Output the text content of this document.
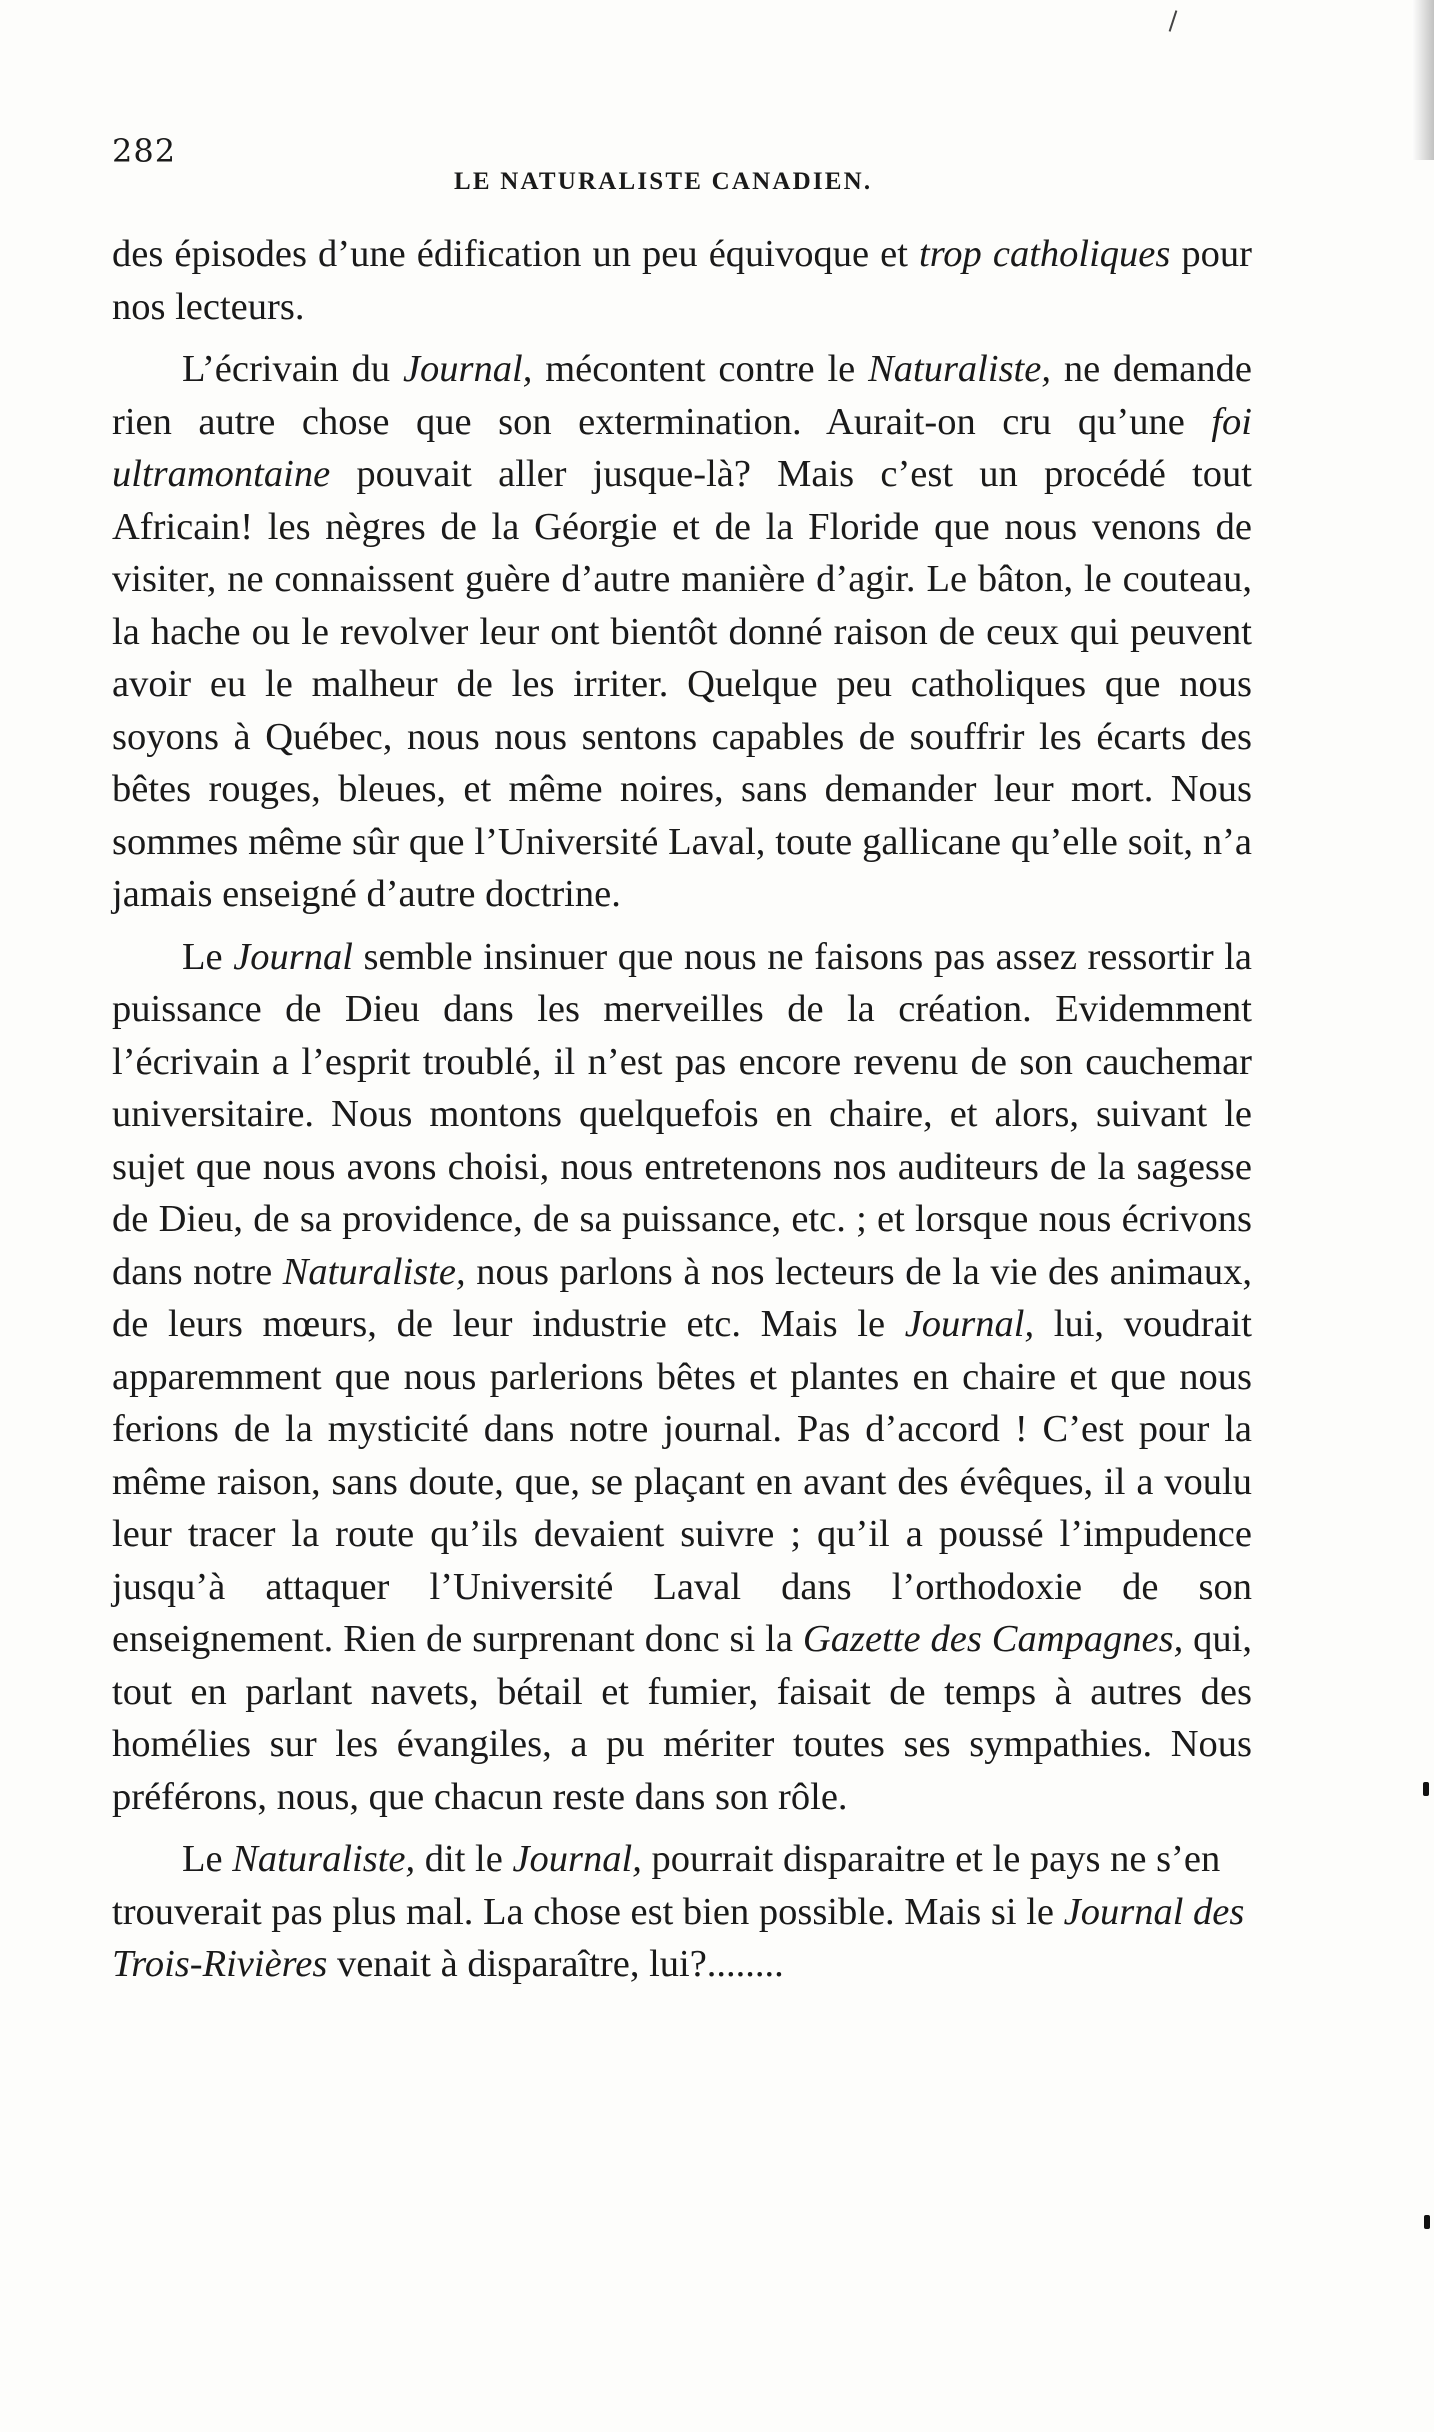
282
LE NATURALISTE CANADIEN.

des épisodes d’une édification un peu équivoque et trop catholiques pour nos lecteurs.

L’écrivain du Journal, mécontent contre le Naturaliste, ne demande rien autre chose que son extermination. Aurait-on cru qu’une foi ultramontaine pouvait aller jusque-là? Mais c’est un procédé tout Africain! les nègres de la Géorgie et de la Floride que nous venons de visiter, ne connaissent guère d’autre manière d’agir. Le bâton, le couteau, la hache ou le revolver leur ont bientôt donné raison de ceux qui peuvent avoir eu le malheur de les irriter. Quelque peu catholiques que nous soyons à Québec, nous nous sentons capables de souffrir les écarts des bêtes rouges, bleues, et même noires, sans demander leur mort. Nous sommes même sûr que l’Université Laval, toute gallicane qu’elle soit, n’a jamais enseigné d’autre doctrine.

Le Journal semble insinuer que nous ne faisons pas assez ressortir la puissance de Dieu dans les merveilles de la création. Evidemment l’écrivain a l’esprit troublé, il n’est pas encore revenu de son cauchemar universitaire. Nous montons quelquefois en chaire, et alors, suivant le sujet que nous avons choisi, nous entretenons nos auditeurs de la sagesse de Dieu, de sa providence, de sa puissance, etc. ; et lorsque nous écrivons dans notre Naturaliste, nous parlons à nos lecteurs de la vie des animaux, de leurs mœurs, de leur industrie etc. Mais le Journal, lui, voudrait apparemment que nous parlerions bêtes et plantes en chaire et que nous ferions de la mysticité dans notre journal. Pas d’accord ! C’est pour la même raison, sans doute, que, se plaçant en avant des évêques, il a voulu leur tracer la route qu’ils devaient suivre ; qu’il a poussé l’impudence jusqu’à attaquer l’Université Laval dans l’orthodoxie de son enseignement. Rien de surprenant donc si la Gazette des Campagnes, qui, tout en parlant navets, bétail et fumier, faisait de temps à autres des homélies sur les évangiles, a pu mériter toutes ses sympathies. Nous préférons, nous, que chacun reste dans son rôle.

Le Naturaliste, dit le Journal, pourrait disparaitre et le pays ne s’en trouverait pas plus mal. La chose est bien possible. Mais si le Journal des Trois-Rivières venait à disparaître, lui?........
